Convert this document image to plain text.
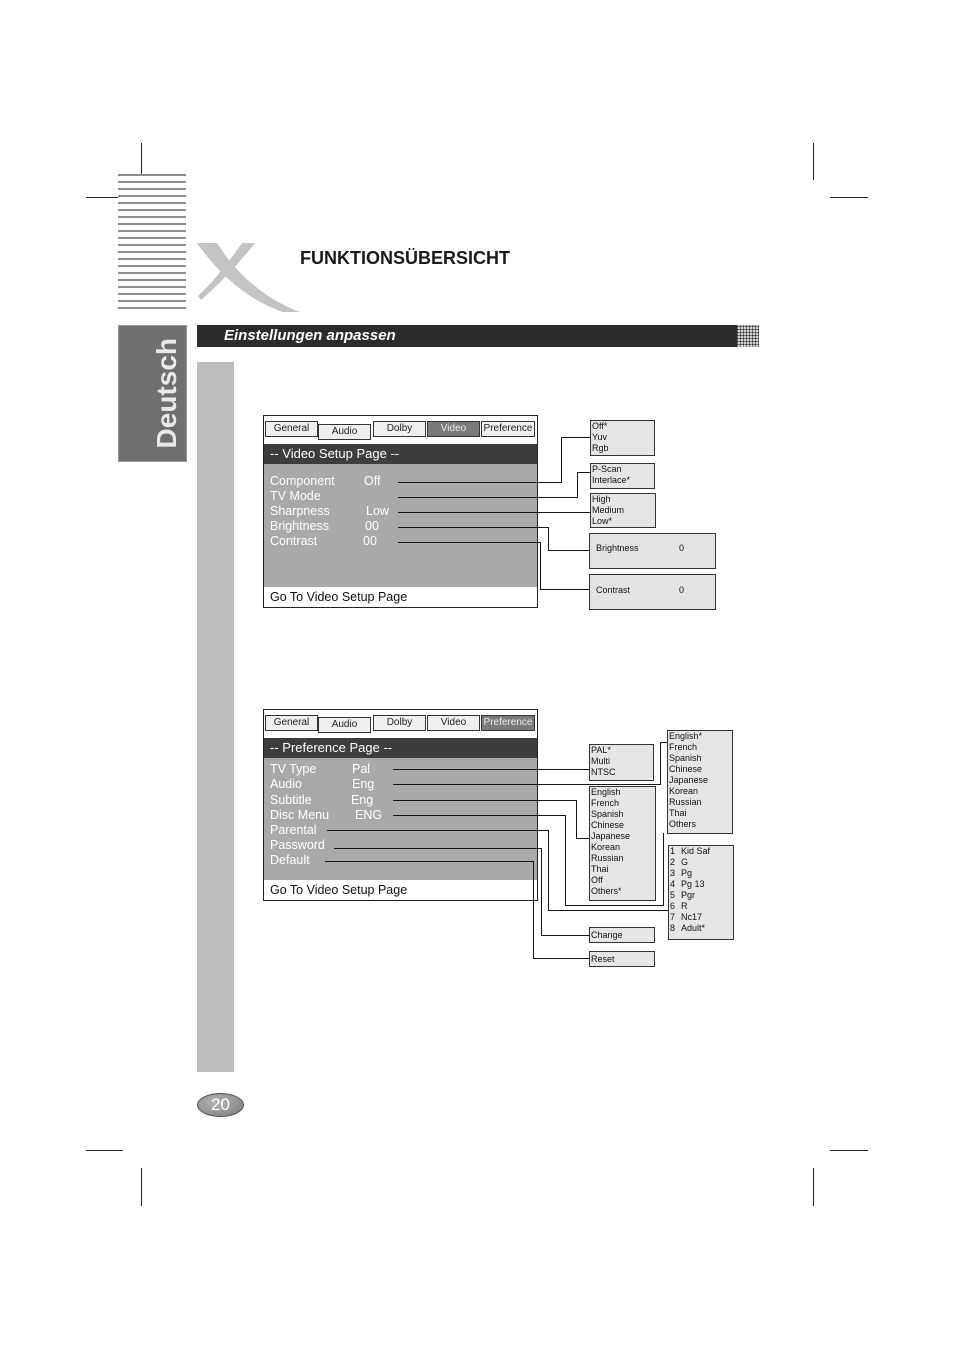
FUNKTIONSÜBERSICHT
Deutsch
Einstellungen anpassen
General	Audio	Dolby	Video	Preference
-- Video Setup Page --
Component Off
TV Mode
Sharpness	Low
Brightness	00
Contrast	00
Go To Video Setup Page
Off*
Yuv
Rgb
P-Scan
Interlace*
High
Medium
Low*
Brightness	0
Contrast	0
General	Audio	Dolby	Video	Preference
-- Preference Page --
TV Type	Pal
Audio	Eng
Subtitle	Eng
Disc Menu ENG
Parental
Password
Default
Go To Video Setup Page
PAL*
Multi
NTSC
English
French
Spanish
Chinese
Japanese
Korean
Russian
Thai
Off
Others*
English*
French
Spanish
Chinese
Japanese
Korean
Russian
Thai
Others
1 Kid Saf
2 G
3 Pg
4 Pg 13
5 Pgr
6 R
7 Nc17
8 Adult*
Change
Reset
20
